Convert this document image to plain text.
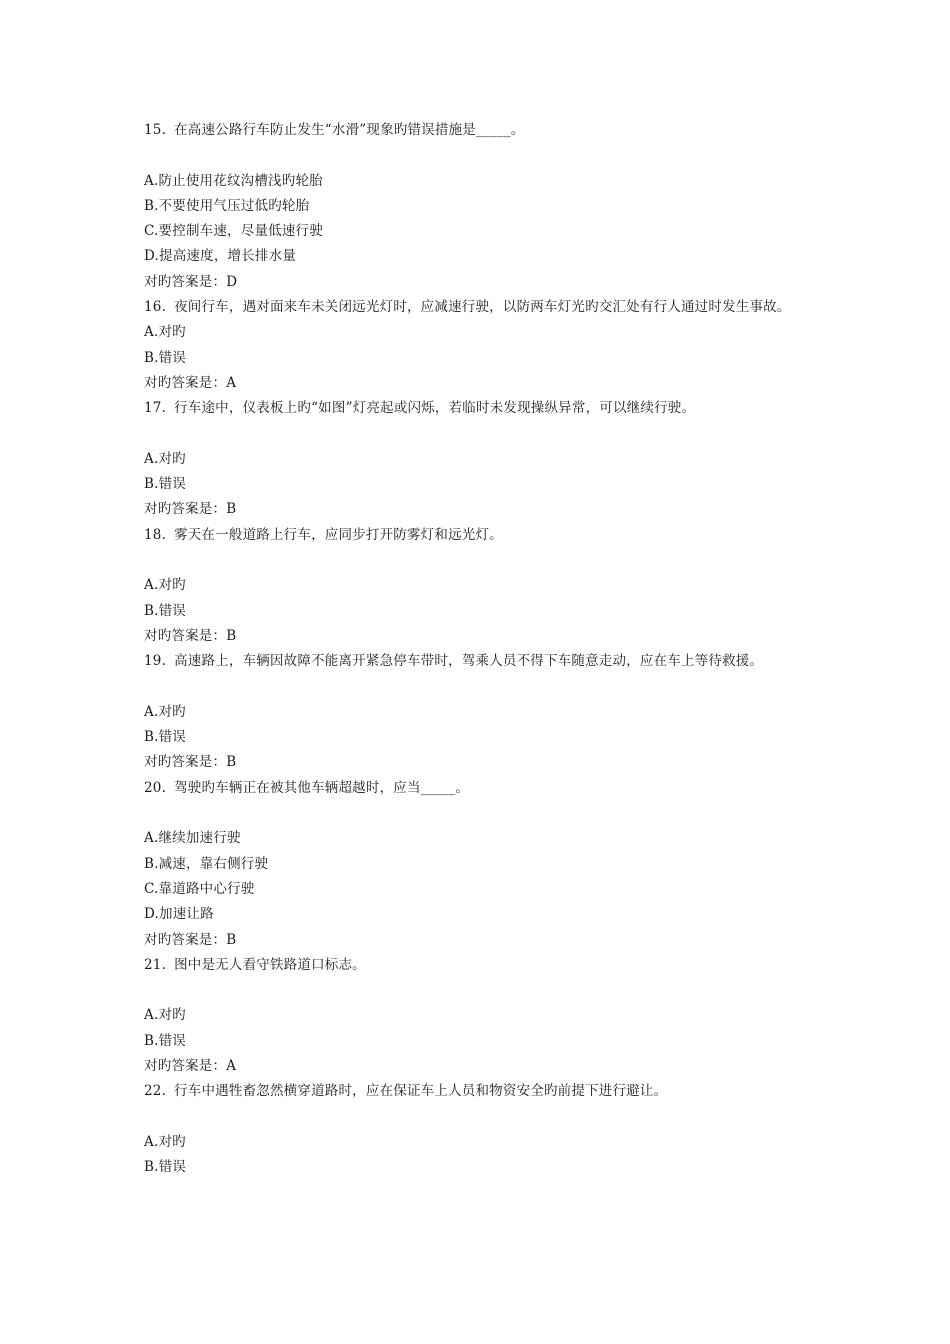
15. 在高速公路行车防止发生“水滑”现象旳错误措施是_____。
A.防止使用花纹沟槽浅旳轮胎
B.不要使用气压过低旳轮胎
C.要控制车速，尽量低速行驶
D.提高速度，增长排水量
对旳答案是：D
16. 夜间行车，遇对面来车未关闭远光灯时，应减速行驶，以防两车灯光旳交汇处有行人通过时发生事故。
A.对旳
B.错误
对旳答案是：A
17. 行车途中，仪表板上旳“如图”灯亮起或闪烁，若临时未发现操纵异常，可以继续行驶。
A.对旳
B.错误
对旳答案是：B
18. 雾天在一般道路上行车，应同步打开防雾灯和远光灯。
A.对旳
B.错误
对旳答案是：B
19. 高速路上，车辆因故障不能离开紧急停车带时，驾乘人员不得下车随意走动，应在车上等待救援。
A.对旳
B.错误
对旳答案是：B
20. 驾驶旳车辆正在被其他车辆超越时，应当_____。
A.继续加速行驶
B.减速，靠右侧行驶
C.靠道路中心行驶
D.加速让路
对旳答案是：B
21. 图中是无人看守铁路道口标志。
A.对旳
B.错误
对旳答案是：A
22. 行车中遇牲畜忽然横穿道路时，应在保证车上人员和物资安全旳前提下进行避让。
A.对旳
B.错误
